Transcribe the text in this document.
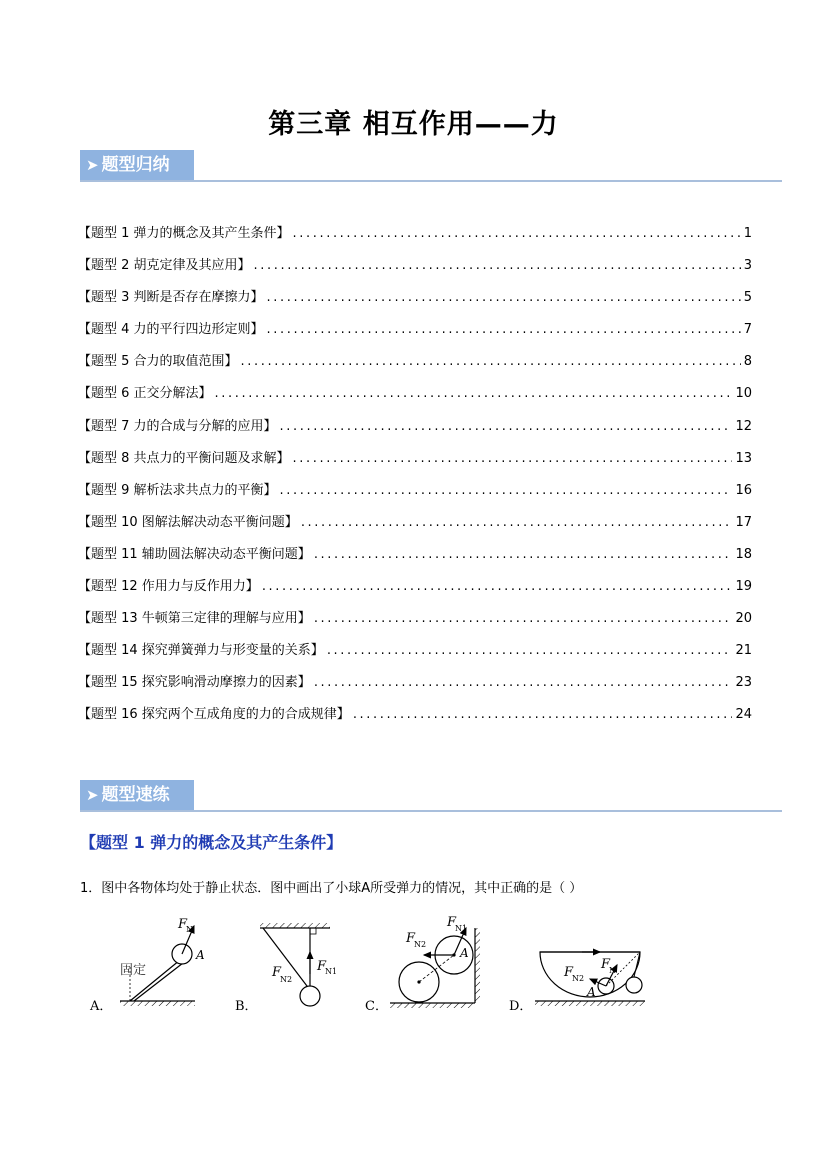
第三章 相互作用——力
➤ 题型归纳
【题型 1 弹力的概念及其产生条件】 .....	1
【题型 2 胡克定律及其应用】 .....	3
【题型 3 判断是否存在摩擦力】 .....	5
【题型 4 力的平行四边形定则】 .....	7
【题型 5 合力的取值范围】 .....	8
【题型 6 正交分解法】 .....	10
【题型 7 力的合成与分解的应用】 .....	12
【题型 8 共点力的平衡问题及求解】 .....	13
【题型 9 解析法求共点力的平衡】 .....	16
【题型 10 图解法解决动态平衡问题】 .....	17
【题型 11 辅助圆法解决动态平衡问题】 .....	18
【题型 12 作用力与反作用力】 .....	19
【题型 13 牛顿第三定律的理解与应用】 .....	20
【题型 14 探究弹簧弹力与形变量的关系】 .....	21
【题型 15 探究影响滑动摩擦力的因素】 .....	23
【题型 16 探究两个互成角度的力的合成规律】 .....	24
➤ 题型速练
【题型 1 弹力的概念及其产生条件】
1．图中各物体均处于静止状态．图中画出了小球A所受弹力的情况，其中正确的是（ ）
F
N
A
固定	F
N1
F
N2
F
N2
F
N1
A
F
N2
F
N
A
A．	B．	C．	D．
